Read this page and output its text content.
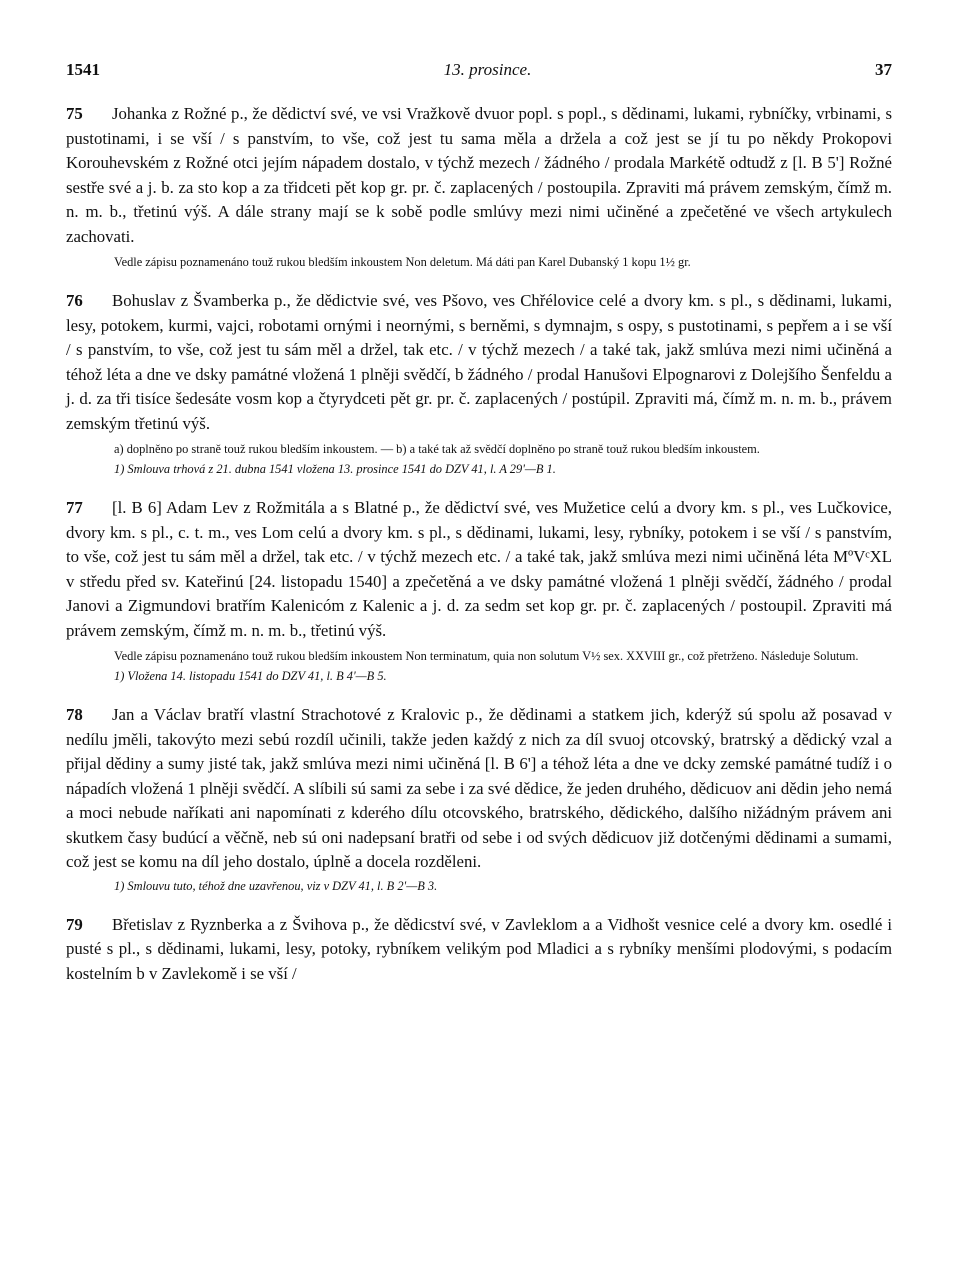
1541	13. prosince.	37

75 Johanka z Rožné p., že dědictví své, ve vsi Vražkově dvuor popl. s popl., s dědinami, lukami, rybníčky, vrbinami, s pustotinami, i se vší / s panstvím, to vše, což jest tu sama měla a držela a což jest se jí tu po někdy Prokopovi Korouhevském z Rožné otci jejím nápadem dostalo, v týchž mezech / žádného / prodala Markétě odtudž z [l. B 5'] Rožné sestře své a j. b. za sto kop a za třidceti pět kop gr. pr. č. zaplacených / postoupila. Zpraviti má právem zemským, čímž m. n. m. b., třetinú výš. A dále strany mají se k sobě podle smlúvy mezi nimi učiněné a zpečetěné ve všech artykulech zachovati.

Vedle zápisu poznamenáno touž rukou bledším inkoustem Non deletum. Má dáti pan Karel Dubanský 1 kopu 1½ gr.

76 Bohuslav z Švamberka p., že dědictvie své, ves Pšovo, ves Chřélovice celé a dvory km. s pl., s dědinami, lukami, lesy, potokem, kurmi, vajci, robotami ornými i neornými, s berněmi, s dymnajm, s ospy, s pustotinami, s pepřem a i se vší / s panstvím, to vše, což jest tu sám měl a držel, tak etc. / v týchž mezech / a také tak, jakž smlúva mezi nimi učiněná a téhož léta a dne ve dsky památné vložená 1 plněji svědčí, b žádného / prodal Hanušovi Elpognarovi z Dolejšího Šenfeldu a j. d. za tři tisíce šedesáte vosm kop a čtyrydceti pět gr. pr. č. zaplacených / postúpil. Zpraviti má, čímž m. n. m. b., právem zemským třetinú výš.

a) doplněno po straně touž rukou bledším inkoustem. — b) a také tak až svědčí doplněno po straně touž rukou bledším inkoustem.

1) Smlouva trhová z 21. dubna 1541 vložena 13. prosince 1541 do DZV 41, l. A 29'—B 1.

77 [l. B 6] Adam Lev z Rožmitála a s Blatné p., že dědictví své, ves Mužetice celú a dvory km. s pl., ves Lučkovice, dvory km. s pl., c. t. m., ves Lom celú a dvory km. s pl., s dědinami, lukami, lesy, rybníky, potokem i se vší / s panstvím, to vše, což jest tu sám měl a držel, tak etc. / v týchž mezech etc. / a také tak, jakž smlúva mezi nimi učiněná léta MºVᶜXL v středu před sv. Kateřinú [24. listopadu 1540] a zpečetěná a ve dsky památné vložená 1 plněji svědčí, žádného / prodal Janovi a Zigmundovi bratřím Kalenicóm z Kalenic a j. d. za sedm set kop gr. pr. č. zaplacených / postoupil. Zpraviti má právem zemským, čímž m. n. m. b., třetinú výš.

Vedle zápisu poznamenáno touž rukou bledším inkoustem Non terminatum, quia non solutum V½ sex. XXVIII gr., což přetrženo. Následuje Solutum.

1) Vložena 14. listopadu 1541 do DZV 41, l. B 4'—B 5.

78 Jan a Václav bratří vlastní Strachotové z Kralovic p., že dědinami a statkem jich, kderýž sú spolu až posavad v nedílu jměli, takovýto mezi sebú rozdíl učinili, takže jeden každý z nich za díl svuoj otcovský, bratrský a dědický vzal a přijal dědiny a sumy jisté tak, jakž smlúva mezi nimi učiněná [l. B 6'] a téhož léta a dne ve dcky zemské památné tudíž i o nápadích vložená 1 plněji svědčí. A slíbili sú sami za sebe i za své dědice, že jeden druhého, dědicuov ani dědin jeho nemá a moci nebude naříkati ani napomínati z kderého dílu otcovského, bratrského, dědického, dalšího nižádným právem ani skutkem časy budúcí a věčně, neb sú oni nadepsaní bratři od sebe i od svých dědicuov již dotčenými dědinami a sumami, což jest se komu na díl jeho dostalo, úplně a docela rozděleni.

1) Smlouvu tuto, téhož dne uzavřenou, viz v DZV 41, l. B 2'—B 3.

79 Břetislav z Ryznberka a z Švihova p., že dědicství své, v Zavleklom a a Vidhošt vesnice celé a dvory km. osedlé i pusté s pl., s dědinami, lukami, lesy, potoky, rybníkem velikým pod Mladici a s rybníky menšími plodovými, s podacím kostelním b v Zavlekomě i se vší /
